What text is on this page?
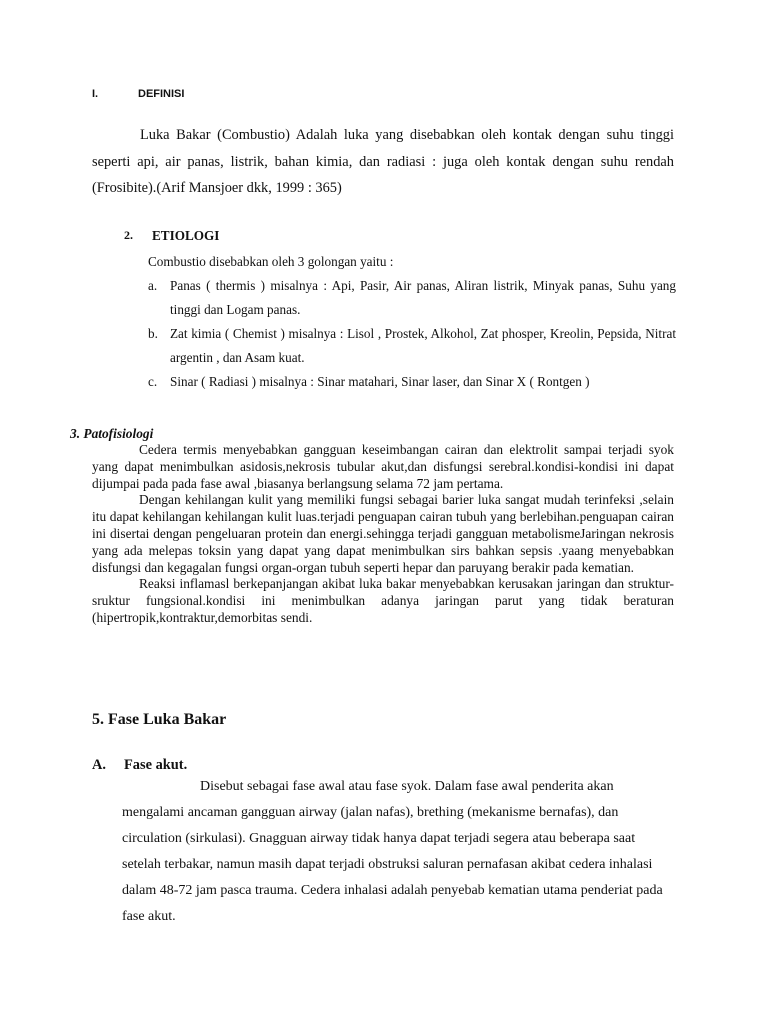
I.	DEFINISI

Luka Bakar (Combustio) Adalah luka yang disebabkan oleh kontak dengan suhu tinggi seperti api, air panas, listrik, bahan kimia, dan radiasi : juga oleh kontak dengan suhu rendah (Frosibite).(Arif Mansjoer dkk, 1999 : 365)

2. ETIOLOGI
Combustio disebabkan oleh 3 golongan yaitu :
a. Panas ( thermis ) misalnya : Api, Pasir, Air panas, Aliran listrik, Minyak panas, Suhu yang tinggi dan Logam panas.
b. Zat kimia ( Chemist ) misalnya : Lisol , Prostek, Alkohol, Zat phosper, Kreolin, Pepsida, Nitrat argentin , dan Asam kuat.
c. Sinar ( Radiasi ) misalnya : Sinar matahari, Sinar laser, dan Sinar X ( Rontgen )
3. Patofisiologi

Cedera termis menyebabkan gangguan keseimbangan cairan dan elektrolit sampai terjadi syok yang dapat menimbulkan asidosis,nekrosis tubular akut,dan disfungsi serebral.kondisi-kondisi ini dapat dijumpai pada pada fase awal ,biasanya berlangsung selama 72 jam pertama.

Dengan kehilangan kulit yang memiliki fungsi sebagai barier luka sangat mudah terinfeksi ,selain itu dapat kehilangan kehilangan kulit luas.terjadi penguapan cairan tubuh yang berlebihan.penguapan cairan ini disertai dengan pengeluaran protein dan energi.sehingga terjadi gangguan metabolismeJaringan nekrosis yang ada melepas toksin yang dapat yang dapat menimbulkan sirs bahkan sepsis .yaang menyebabkan disfungsi dan kegagalan fungsi organ-organ tubuh seperti hepar dan paruyang berakir pada kematian.

Reaksi inflamasl berkepanjangan akibat luka bakar menyebabkan kerusakan jaringan dan struktur-sruktur fungsional.kondisi ini menimbulkan adanya jaringan parut yang tidak beraturan (hipertropik,kontraktur,demorbitas sendi.

5. Fase Luka Bakar
A. Fase akut.

Disebut sebagai fase awal atau fase syok. Dalam fase awal penderita akan mengalami ancaman gangguan airway (jalan nafas), brething (mekanisme bernafas), dan circulation (sirkulasi). Gnagguan airway tidak hanya dapat terjadi segera atau beberapa saat setelah terbakar, namun masih dapat terjadi obstruksi saluran pernafasan akibat cedera inhalasi dalam 48-72 jam pasca trauma. Cedera inhalasi adalah penyebab kematian utama penderiat pada fase akut.
